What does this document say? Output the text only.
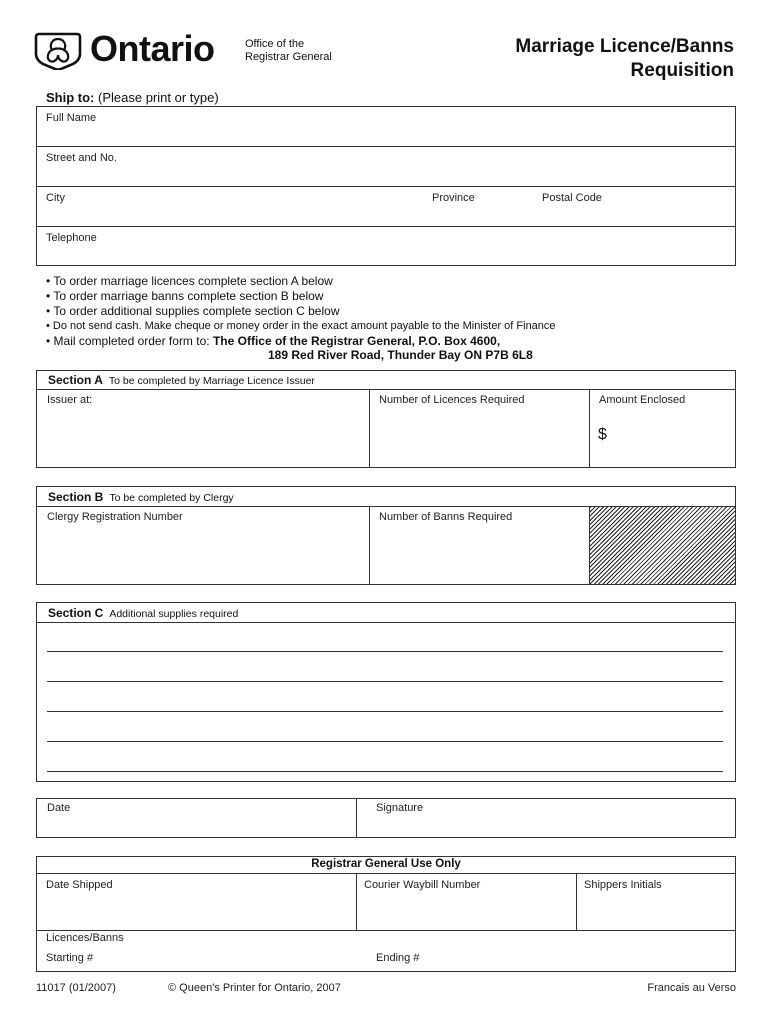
Ontario	Office of the
Registrar General	Marriage Licence/Banns
Requisition
Ship to: (Please print or type)
Full Name
Street and No.
City	Province	Postal Code
Telephone
• To order marriage licences complete section A below
• To order marriage banns complete section B below
• To order additional supplies complete section C below
• Do not send cash. Make cheque or money order in the exact amount payable to the Minister of Finance
• Mail completed order form to: The Office of the Registrar General, P.O. Box 4600,
189 Red River Road, Thunder Bay ON P7B 6L8
Section A To be completed by Marriage Licence Issuer
Issuer at:	Number of Licences Required	Amount Enclosed
$
Section B To be completed by Clergy
Clergy Registration Number	Number of Banns Required
Section C Additional supplies required
Date	Signature
Registrar General Use Only
Date Shipped	Courier Waybill Number	Shippers Initials
Licences/Banns
Starting #	Ending #
11017 (01/2007)	© Queen's Printer for Ontario, 2007	Francais au Verso
